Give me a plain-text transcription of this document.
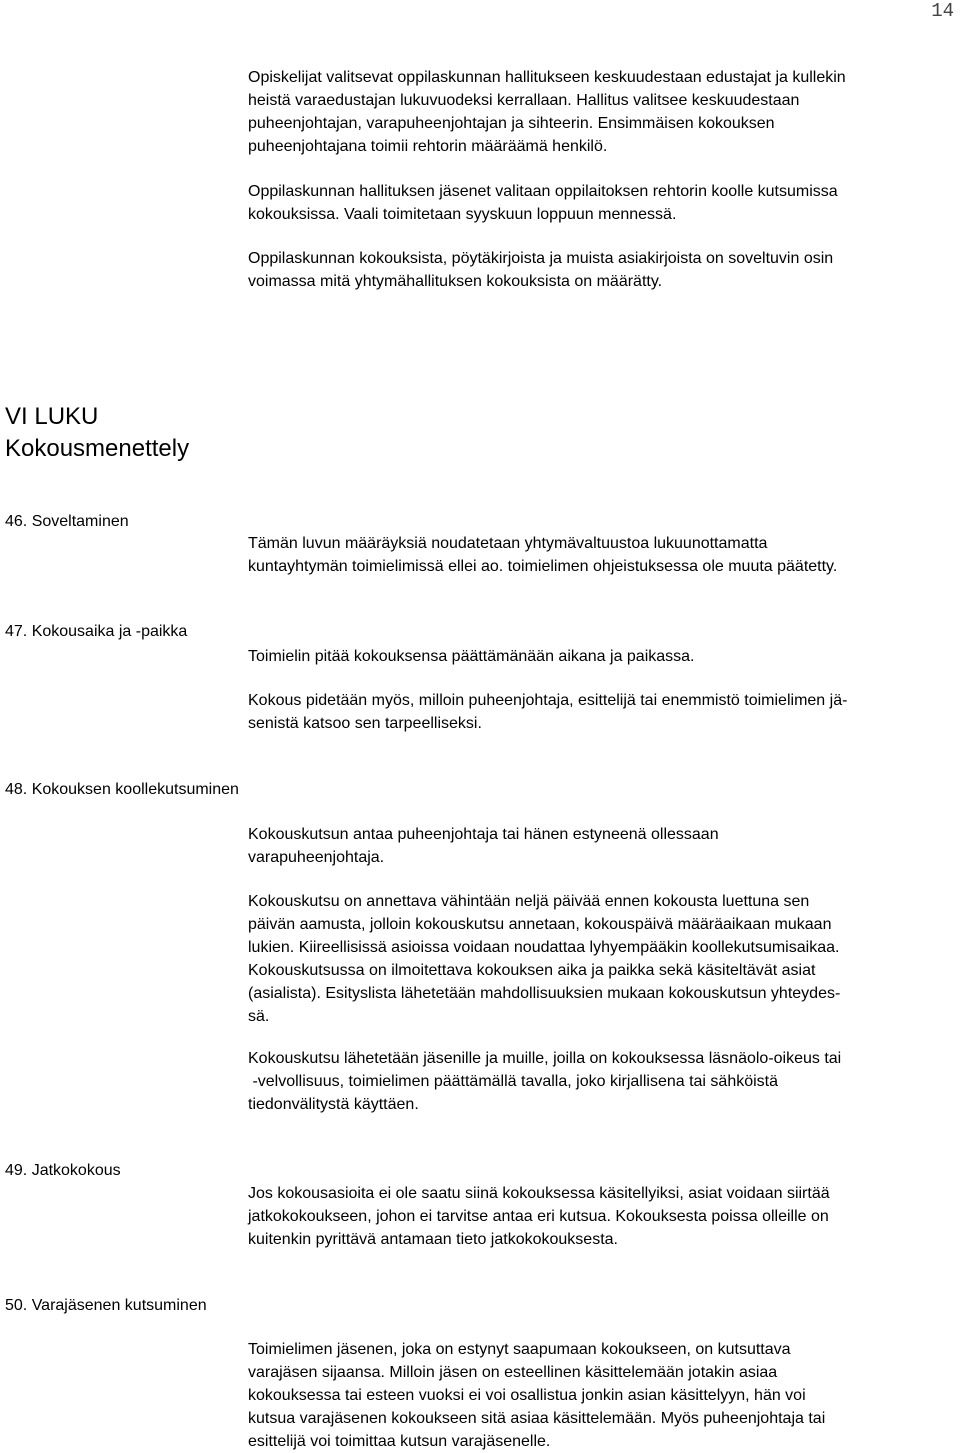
14

Opiskelijat valitsevat oppilaskunnan hallitukseen keskuudestaan edustajat ja kullekin
heistä varaedustajan lukuvuodeksi kerrallaan. Hallitus valitsee keskuudestaan
puheenjohtajan, varapuheenjohtajan ja sihteerin. Ensimmäisen kokouksen
puheenjohtajana toimii rehtorin määräämä henkilö.

Oppilaskunnan hallituksen jäsenet valitaan oppilaitoksen rehtorin koolle kutsumissa
kokouksissa. Vaali toimitetaan syyskuun loppuun mennessä.

Oppilaskunnan kokouksista, pöytäkirjoista ja muista asiakirjoista on soveltuvin osin
voimassa mitä yhtymähallituksen kokouksista on määrätty.

VI LUKU
Kokousmenettely

46. Soveltaminen

Tämän luvun määräyksiä noudatetaan yhtymävaltuustoa lukuunottamatta
kuntayhtymän toimielimissä ellei ao. toimielimen ohjeistuksessa ole muuta päätetty.

47. Kokousaika ja -paikka

Toimielin pitää kokouksensa päättämänään aikana ja paikassa.

Kokous pidetään myös, milloin puheenjohtaja, esittelijä tai enemmistö toimielimen jä-
senistä katsoo sen tarpeelliseksi.

48. Kokouksen koollekutsuminen

Kokouskutsun antaa puheenjohtaja tai hänen estyneenä ollessaan
varapuheenjohtaja.

Kokouskutsu on annettava vähintään neljä päivää ennen kokousta luettuna sen
päivän aamusta, jolloin kokouskutsu annetaan, kokouspäivä määräaikaan mukaan
lukien. Kiireellisissä asioissa voidaan noudattaa lyhyempääkin koollekutsumisaikaa.
Kokouskutsussa on ilmoitettava kokouksen aika ja paikka sekä käsiteltävät asiat
(asialista). Esityslista lähetetään mahdollisuuksien mukaan kokouskutsun yhteydes-
sä.

Kokouskutsu lähetetään jäsenille ja muille, joilla on kokouksessa läsnäolo-oikeus tai
-velvollisuus, toimielimen päättämällä tavalla, joko kirjallisena tai sähköistä
tiedonvälitystä käyttäen.

49. Jatkokokous

Jos kokousasioita ei ole saatu siinä kokouksessa käsitellyiksi, asiat voidaan siirtää
jatkokokoukseen, johon ei tarvitse antaa eri kutsua. Kokouksesta poissa olleille on
kuitenkin pyrittävä antamaan tieto jatkokokouksesta.

50. Varajäsenen kutsuminen

Toimielimen jäsenen, joka on estynyt saapumaan kokoukseen, on kutsuttava
varajäsen sijaansa. Milloin jäsen on esteellinen käsittelemään jotakin asiaa
kokouksessa tai esteen vuoksi ei voi osallistua jonkin asian käsittelyyn, hän voi
kutsua varajäsenen kokoukseen sitä asiaa käsittelemään. Myös puheenjohtaja tai
esittelijä voi toimittaa kutsun varajäsenelle.
